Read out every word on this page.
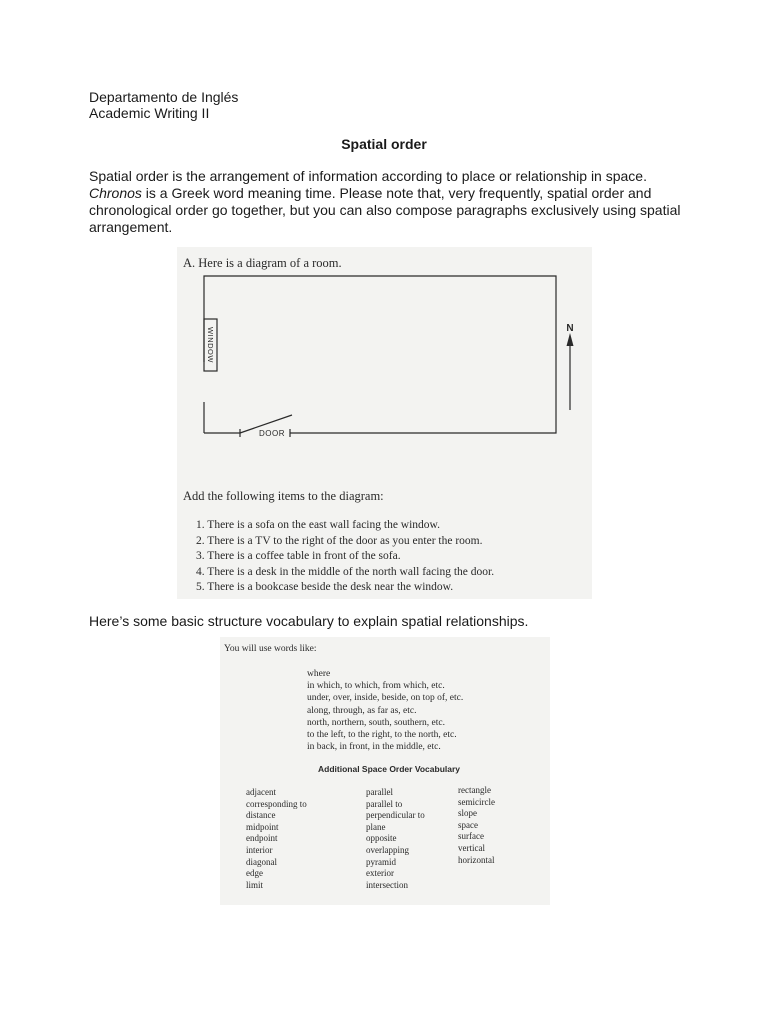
Departamento de Inglés
Academic Writing II
Spatial order

Spatial order is the arrangement of information according to place or relationship in space.

Chronos is a Greek word meaning time. Please note that, very frequently, spatial order and

chronological order go together, but you can also compose paragraphs exclusively using spatial

arrangement.

A. Here is a diagram of a room.
WINDOW
DOOR
N
Add the following items to the diagram:
1. There is a sofa on the east wall facing the window.
2. There is a TV to the right of the door as you enter the room.
3. There is a coffee table in front of the sofa.
4. There is a desk in the middle of the north wall facing the door.
5. There is a bookcase beside the desk near the window.
Here’s some basic structure vocabulary to explain spatial relationships.
You will use words like:
where
in which, to which, from which, etc.
under, over, inside, beside, on top of, etc.
along, through, as far as, etc.
north, northern, south, southern, etc.
to the left, to the right, to the north, etc.
in back, in front, in the middle, etc.
Additional Space Order Vocabulary
adjacent
corresponding to
distance
midpoint
endpoint
interior
diagonal
edge
limit
parallel
parallel to
perpendicular to
plane
opposite
overlapping
pyramid
exterior
intersection
rectangle
semicircle
slope
space
surface
vertical
horizontal
